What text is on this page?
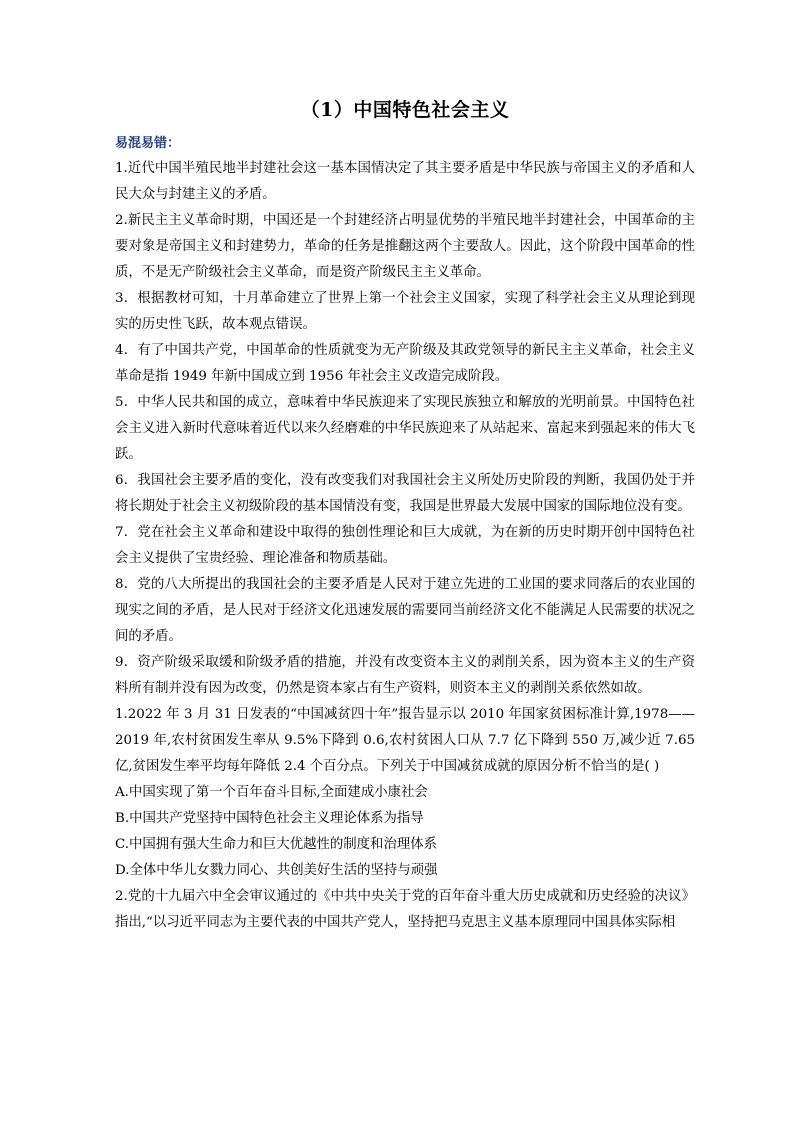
（1）中国特色社会主义
易混易错：

1.近代中国半殖民地半封建社会这一基本国情决定了其主要矛盾是中华民族与帝国主义的矛盾和人民大众与封建主义的矛盾。

2.新民主主义革命时期，中国还是一个封建经济占明显优势的半殖民地半封建社会，中国革命的主要对象是帝国主义和封建势力，革命的任务是推翻这两个主要敌人。因此，这个阶段中国革命的性质，不是无产阶级社会主义革命，而是资产阶级民主主义革命。

3．根据教材可知，十月革命建立了世界上第一个社会主义国家，实现了科学社会主义从理论到现实的历史性飞跃，故本观点错误。

4．有了中国共产党，中国革命的性质就变为无产阶级及其政党领导的新民主主义革命，社会主义革命是指 1949 年新中国成立到 1956 年社会主义改造完成阶段。

5．中华人民共和国的成立，意味着中华民族迎来了实现民族独立和解放的光明前景。中国特色社会主义进入新时代意味着近代以来久经磨难的中华民族迎来了从站起来、富起来到强起来的伟大飞跃。

6．我国社会主要矛盾的变化，没有改变我们对我国社会主义所处历史阶段的判断，我国仍处于并将长期处于社会主义初级阶段的基本国情没有变，我国是世界最大发展中国家的国际地位没有变。

7．党在社会主义革命和建设中取得的独创性理论和巨大成就，为在新的历史时期开创中国特色社会主义提供了宝贵经验、理论准备和物质基础。

8．党的八大所提出的我国社会的主要矛盾是人民对于建立先进的工业国的要求同落后的农业国的现实之间的矛盾，是人民对于经济文化迅速发展的需要同当前经济文化不能满足人民需要的状况之间的矛盾。

9．资产阶级采取缓和阶级矛盾的措施，并没有改变资本主义的剥削关系，因为资本主义的生产资料所有制并没有因为改变，仍然是资本家占有生产资料，则资本主义的剥削关系依然如故。

1.2022 年 3 月 31 日发表的“中国减贫四十年”报告显示以 2010 年国家贫困标准计算,1978——2019 年,农村贫困发生率从 9.5%下降到 0.6,农村贫困人口从 7.7 亿下降到 550 万,减少近 7.65 亿,贫困发生率平均每年降低 2.4 个百分点。下列关于中国减贫成就的原因分析不恰当的是( )

A.中国实现了第一个百年奋斗目标,全面建成小康社会

B.中国共产党坚持中国特色社会主义理论体系为指导

C.中国拥有强大生命力和巨大优越性的制度和治理体系

D.全体中华儿女戮力同心、共创美好生活的坚持与顽强

2.党的十九届六中全会审议通过的《中共中央关于党的百年奋斗重大历史成就和历史经验的决议》指出,“以习近平同志为主要代表的中国共产党人，坚持把马克思主义基本原理同中国具体实际相
